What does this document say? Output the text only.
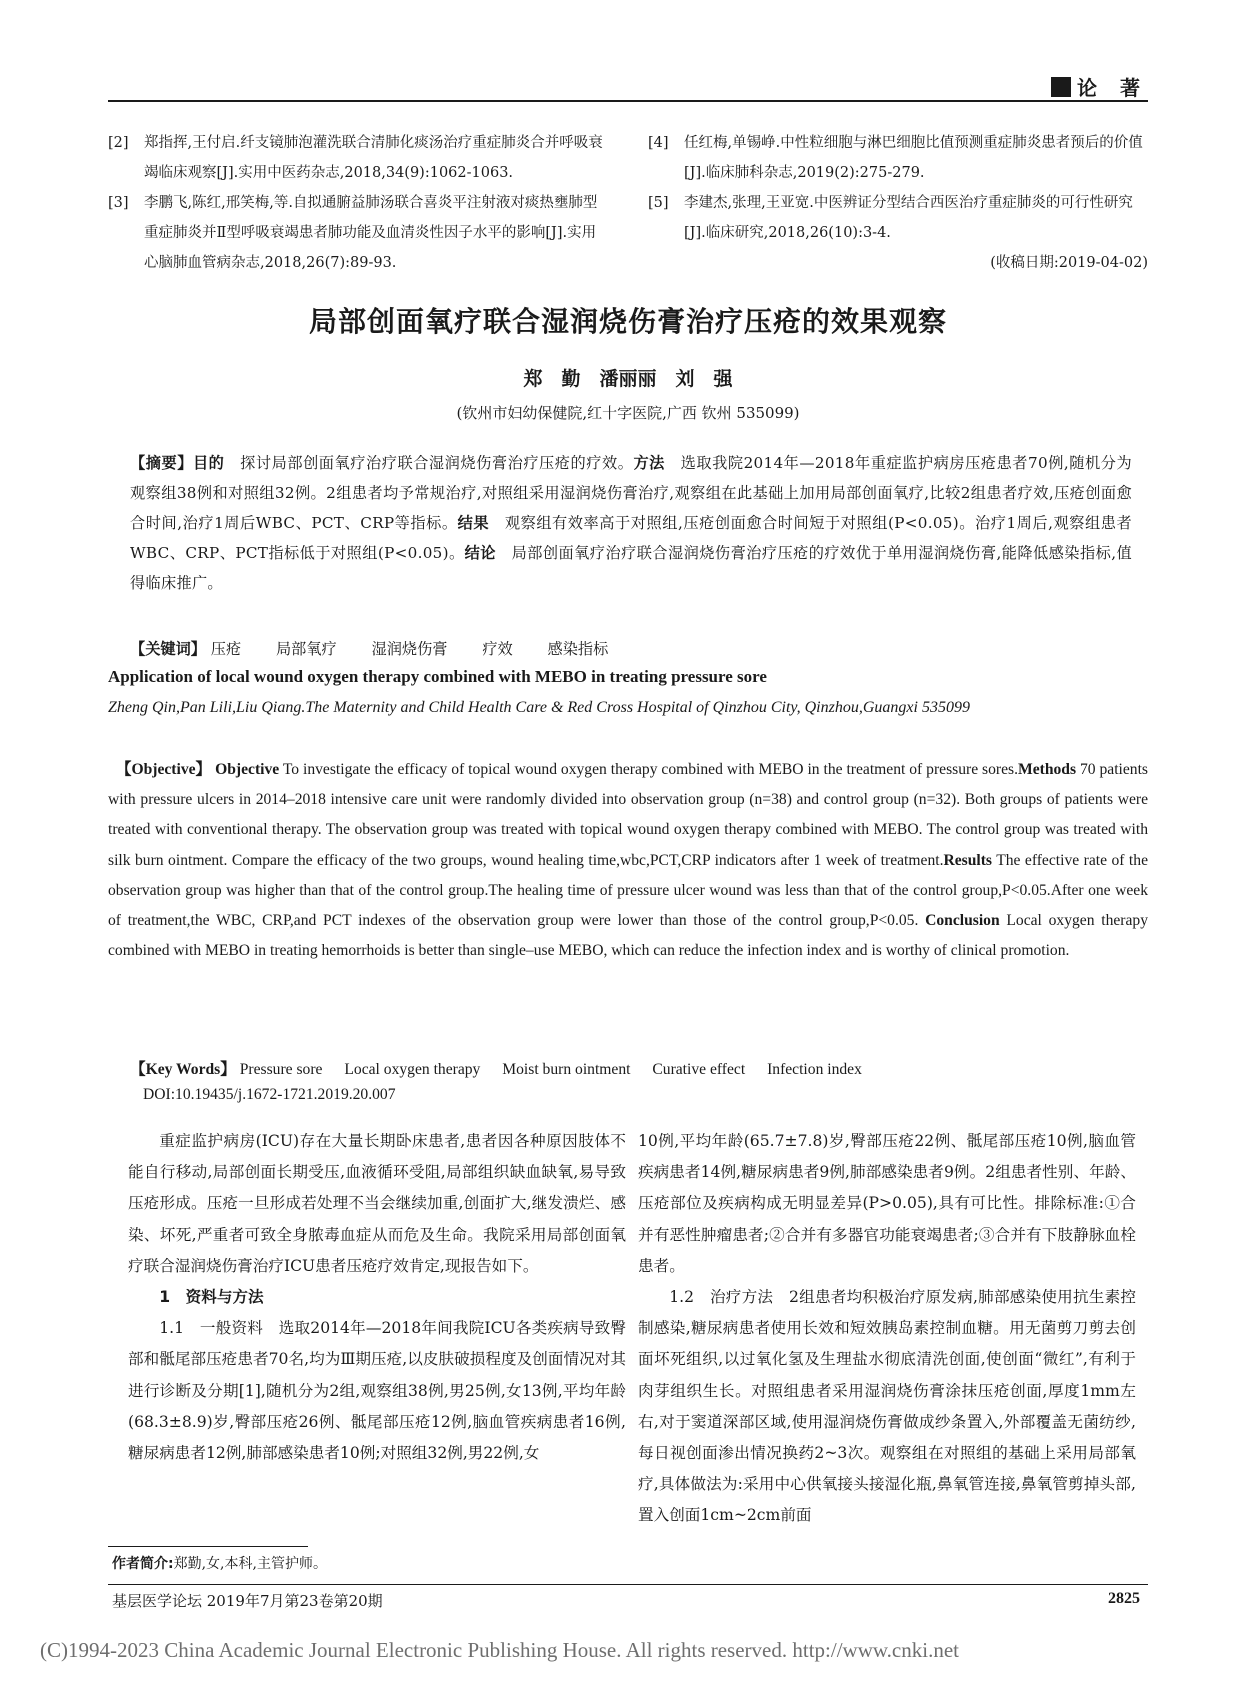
论 著
[2]	郑指挥,王付启.纤支镜肺泡灌洗联合清肺化痰汤治疗重症肺炎合并呼吸衰竭临床观察[J].实用中医药杂志,2018,34(9):1062-1063.
[3]	李鹏飞,陈红,邢笑梅,等.自拟通腑益肺汤联合喜炎平注射液对痰热壅肺型重症肺炎并Ⅱ型呼吸衰竭患者肺功能及血清炎性因子水平的影响[J].实用心脑肺血管病杂志,2018,26(7):89-93.
[4]	任红梅,单锡峥.中性粒细胞与淋巴细胞比值预测重症肺炎患者预后的价值[J].临床肺科杂志,2019(2):275-279.
[5]	李建杰,张理,王亚宽.中医辨证分型结合西医治疗重症肺炎的可行性研究[J].临床研究,2018,26(10):3-4.
(收稿日期:2019-04-02)
局部创面氧疗联合湿润烧伤膏治疗压疮的效果观察
郑　勤　潘丽丽　刘　强
(钦州市妇幼保健院,红十字医院,广西 钦州 535099)
【摘要】目的　探讨局部创面氧疗治疗联合湿润烧伤膏治疗压疮的疗效。方法　选取我院2014年—2018年重症监护病房压疮患者70例,随机分为观察组38例和对照组32例。2组患者均予常规治疗,对照组采用湿润烧伤膏治疗,观察组在此基础上加用局部创面氧疗,比较2组患者疗效,压疮创面愈合时间,治疗1周后WBC、PCT、CRP等指标。结果　观察组有效率高于对照组,压疮创面愈合时间短于对照组(P<0.05)。治疗1周后,观察组患者WBC、CRP、PCT指标低于对照组(P<0.05)。结论　局部创面氧疗治疗联合湿润烧伤膏治疗压疮的疗效优于单用湿润烧伤膏,能降低感染指标,值得临床推广。
【关键词】 压疮 局部氧疗 湿润烧伤膏 疗效 感染指标
Application of local wound oxygen therapy combined with MEBO in treating pressure sore
Zheng Qin,Pan Lili,Liu Qiang.The Maternity and Child Health Care & Red Cross Hospital of Qinzhou City, Qinzhou,Guangxi 535099
【Objective】 Objective To investigate the efficacy of topical wound oxygen therapy combined with MEBO in the treatment of pressure sores.Methods 70 patients with pressure ulcers in 2014–2018 intensive care unit were randomly divided into observation group (n=38) and control group (n=32). Both groups of patients were treated with conventional therapy. The observation group was treated with topical wound oxygen therapy combined with MEBO. The control group was treated with silk burn ointment. Compare the efficacy of the two groups, wound healing time,wbc,PCT,CRP indicators after 1 week of treatment.Results The effective rate of the observation group was higher than that of the control group.The healing time of pressure ulcer wound was less than that of the control group,P<0.05.After one week of treatment,the WBC, CRP,and PCT indexes of the observation group were lower than those of the control group,P<0.05. Conclusion Local oxygen therapy combined with MEBO in treating hemorrhoids is better than single–use MEBO, which can reduce the infection index and is worthy of clinical promotion.
【Key Words】 Pressure sore Local oxygen therapy Moist burn ointment Curative effect Infection index
DOI:10.19435/j.1672-1721.2019.20.007

重症监护病房(ICU)存在大量长期卧床患者,患者因各种原因肢体不能自行移动,局部创面长期受压,血液循环受阻,局部组织缺血缺氧,易导致压疮形成。压疮一旦形成若处理不当会继续加重,创面扩大,继发溃烂、感染、坏死,严重者可致全身脓毒血症从而危及生命。我院采用局部创面氧疗联合湿润烧伤膏治疗ICU患者压疮疗效肯定,现报告如下。

1　资料与方法

1.1　一般资料　选取2014年—2018年间我院ICU各类疾病导致臀部和骶尾部压疮患者70名,均为Ⅲ期压疮,以皮肤破损程度及创面情况对其进行诊断及分期[1],随机分为2组,观察组38例,男25例,女13例,平均年龄(68.3±8.9)岁,臀部压疮26例、骶尾部压疮12例,脑血管疾病患者16例,糖尿病患者12例,肺部感染患者10例;对照组32例,男22例,女

10例,平均年龄(65.7±7.8)岁,臀部压疮22例、骶尾部压疮10例,脑血管疾病患者14例,糖尿病患者9例,肺部感染患者9例。2组患者性别、年龄、压疮部位及疾病构成无明显差异(P>0.05),具有可比性。排除标准:①合并有恶性肿瘤患者;②合并有多器官功能衰竭患者;③合并有下肢静脉血栓患者。

1.2　治疗方法　2组患者均积极治疗原发病,肺部感染使用抗生素控制感染,糖尿病患者使用长效和短效胰岛素控制血糖。用无菌剪刀剪去创面坏死组织,以过氧化氢及生理盐水彻底清洗创面,使创面“微红”,有利于肉芽组织生长。对照组患者采用湿润烧伤膏涂抹压疮创面,厚度1mm左右,对于窦道深部区域,使用湿润烧伤膏做成纱条置入,外部覆盖无菌纺纱,每日视创面渗出情况换药2~3次。观察组在对照组的基础上采用局部氧疗,具体做法为:采用中心供氧接头接湿化瓶,鼻氧管连接,鼻氧管剪掉头部,置入创面1cm~2cm前面

作者简介:郑勤,女,本科,主管护师。
基层医学论坛 2019年7月第23卷第20期	2825
(C)1994-2023 China Academic Journal Electronic Publishing House. All rights reserved. http://www.cnki.net
